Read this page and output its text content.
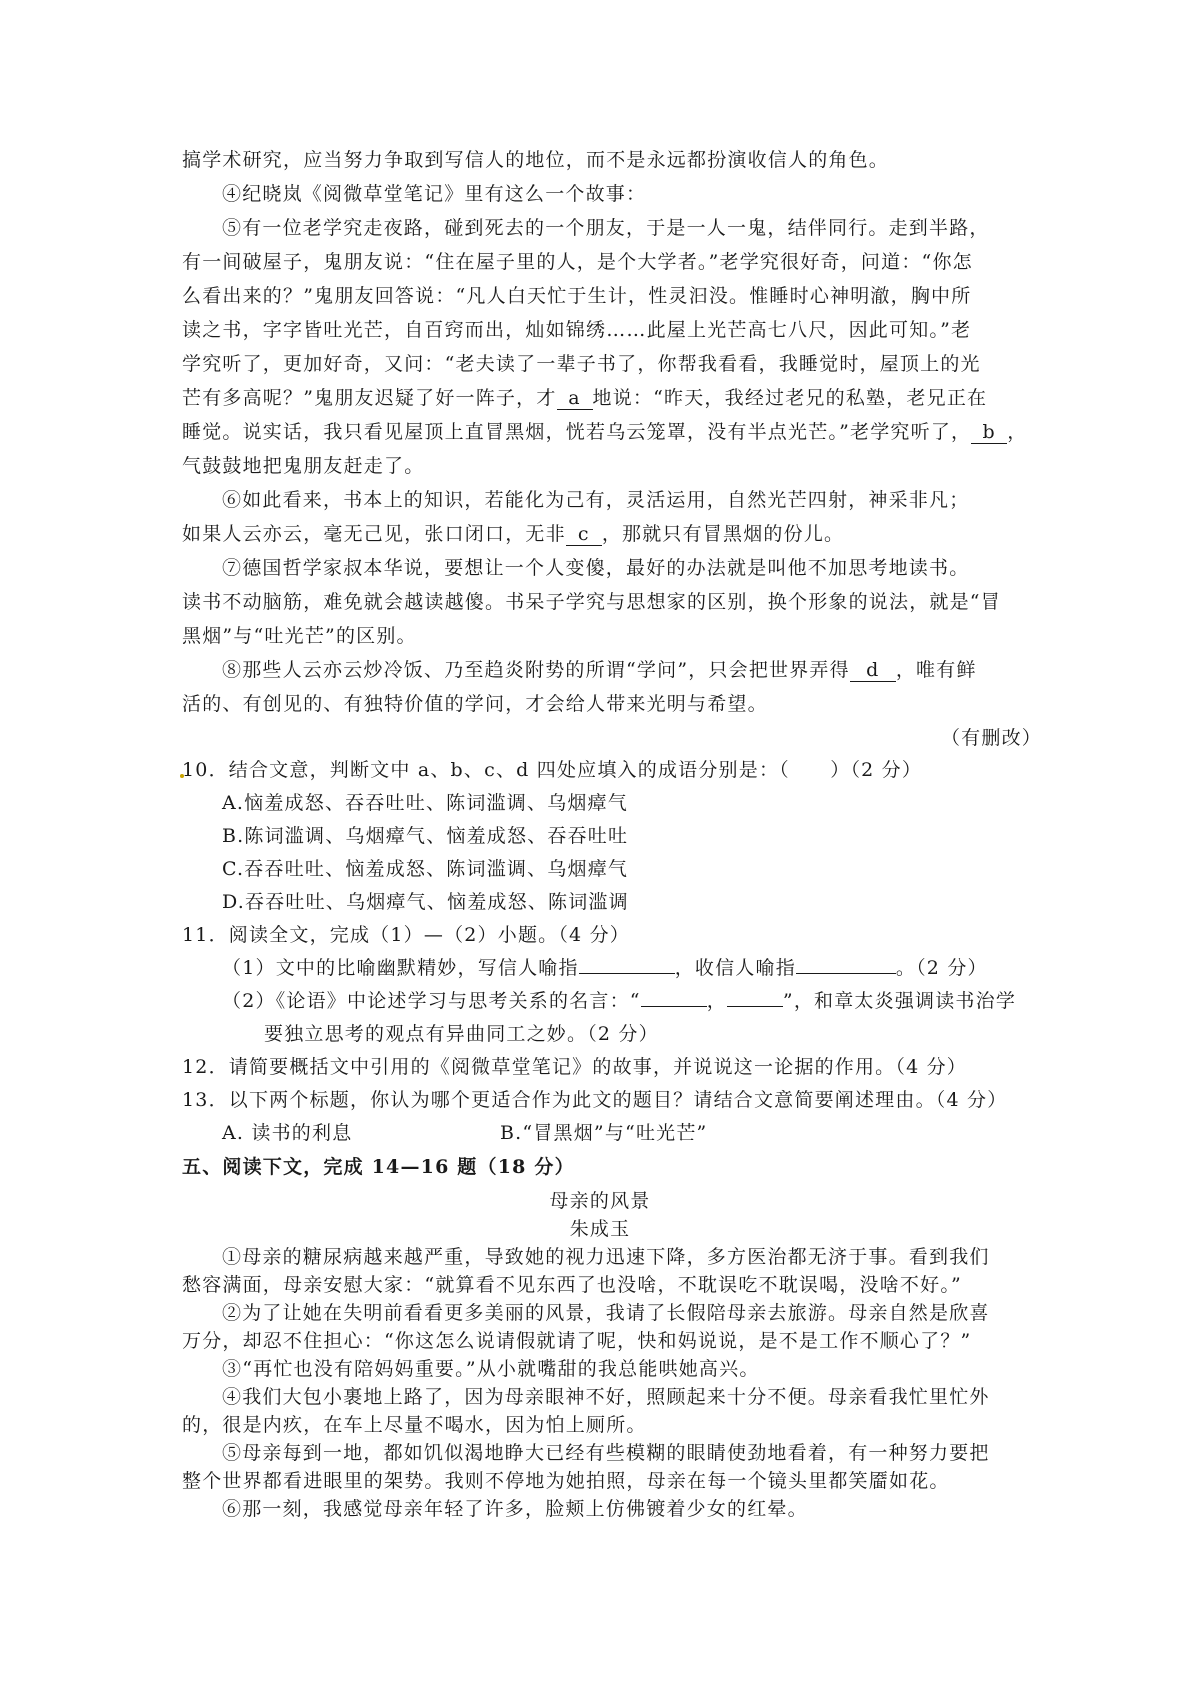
搞学术研究，应当努力争取到写信人的地位，而不是永远都扮演收信人的角色。
④纪晓岚《阅微草堂笔记》里有这么一个故事：
⑤有一位老学究走夜路，碰到死去的一个朋友，于是一人一鬼，结伴同行。走到半路，
有一间破屋子，鬼朋友说：“住在屋子里的人，是个大学者。”老学究很好奇，问道：“你怎
么看出来的？”鬼朋友回答说：“凡人白天忙于生计，性灵汩没。惟睡时心神明澈，胸中所
读之书，字字皆吐光芒，自百窍而出，灿如锦绣……此屋上光芒高七八尺，因此可知。”老
学究听了，更加好奇，又问：“老夫读了一辈子书了，你帮我看看，我睡觉时，屋顶上的光
芒有多高呢？”鬼朋友迟疑了好一阵子，才 a 地说：“昨天，我经过老兄的私塾，老兄正在
睡觉。说实话，我只看见屋顶上直冒黑烟，恍若乌云笼罩，没有半点光芒。”老学究听了， b ，
气鼓鼓地把鬼朋友赶走了。
⑥如此看来，书本上的知识，若能化为己有，灵活运用，自然光芒四射，神采非凡；
如果人云亦云，毫无己见，张口闭口，无非 c ，那就只有冒黑烟的份儿。
⑦德国哲学家叔本华说，要想让一个人变傻，最好的办法就是叫他不加思考地读书。
读书不动脑筋，难免就会越读越傻。书呆子学究与思想家的区别，换个形象的说法，就是“冒
黑烟”与“吐光芒”的区别。
⑧那些人云亦云炒冷饭、乃至趋炎附势的所谓“学问”，只会把世界弄得 d ，唯有鲜
活的、有创见的、有独特价值的学问，才会给人带来光明与希望。
（有删改）
10．结合文意，判断文中 a、b、c、d 四处应填入的成语分别是：（　　）（2 分）
A.恼羞成怒、吞吞吐吐、陈词滥调、乌烟瘴气
B.陈词滥调、乌烟瘴气、恼羞成怒、吞吞吐吐
C.吞吞吐吐、恼羞成怒、陈词滥调、乌烟瘴气
D.吞吞吐吐、乌烟瘴气、恼羞成怒、陈词滥调
11．阅读全文，完成（1）—（2）小题。（4 分）
（1）文中的比喻幽默精妙，写信人喻指	，收信人喻指	。（2 分）
（2）《论语》中论述学习与思考关系的名言：“	，	”，和章太炎强调读书治学
要独立思考的观点有异曲同工之妙。（2 分）
12．请简要概括文中引用的《阅微草堂笔记》的故事，并说说这一论据的作用。（4 分）
13．以下两个标题，你认为哪个更适合作为此文的题目？请结合文意简要阐述理由。（4 分）
A. 读书的利息	B.“冒黑烟”与“吐光芒”
五、阅读下文，完成 14—16 题（18 分）
母亲的风景
朱成玉
①母亲的糖尿病越来越严重，导致她的视力迅速下降，多方医治都无济于事。看到我们
愁容满面，母亲安慰大家：“就算看不见东西了也没啥，不耽误吃不耽误喝，没啥不好。”
②为了让她在失明前看看更多美丽的风景，我请了长假陪母亲去旅游。母亲自然是欣喜
万分，却忍不住担心：“你这怎么说请假就请了呢，快和妈说说，是不是工作不顺心了？”
③“再忙也没有陪妈妈重要。”从小就嘴甜的我总能哄她高兴。
④我们大包小裹地上路了，因为母亲眼神不好，照顾起来十分不便。母亲看我忙里忙外
的，很是内疚，在车上尽量不喝水，因为怕上厕所。
⑤母亲每到一地，都如饥似渴地睁大已经有些模糊的眼睛使劲地看着，有一种努力要把
整个世界都看进眼里的架势。我则不停地为她拍照，母亲在每一个镜头里都笑靥如花。
⑥那一刻，我感觉母亲年轻了许多，脸颊上仿佛镀着少女的红晕。
